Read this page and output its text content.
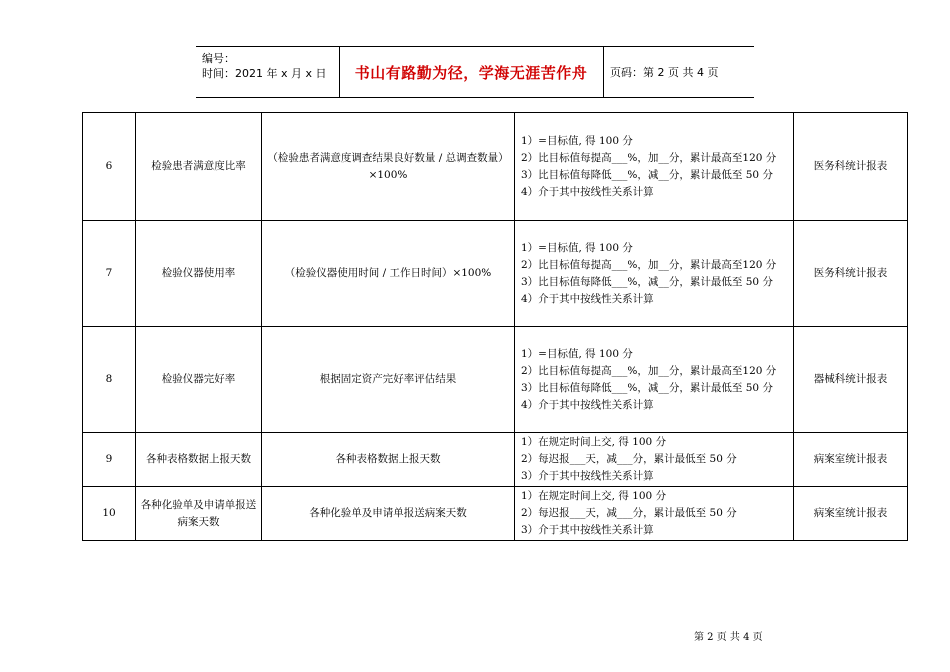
编号：
时间：2021 年 x 月 x 日	书山有路勤为径，学海无涯苦作舟	页码：第 2 页 共 4 页
6	检验患者满意度比率	（检验患者满意度调查结果良好数量 / 总调查数量）×100%	1）=目标值, 得 100 分
2）比目标值每提高___%，加__分，累计最高至120 分
3）比目标值每降低___%，减__分，累计最低至 50 分
4）介于其中按线性关系计算	医务科统计报表
7	检验仪器使用率	（检验仪器使用时间 / 工作日时间）×100%	1）=目标值, 得 100 分
2）比目标值每提高___%，加__分，累计最高至120 分
3）比目标值每降低___%，减__分，累计最低至 50 分
4）介于其中按线性关系计算	医务科统计报表
8	检验仪器完好率	根据固定资产完好率评估结果	1）=目标值, 得 100 分
2）比目标值每提高___%，加__分，累计最高至120 分
3）比目标值每降低___%，减__分，累计最低至 50 分
4）介于其中按线性关系计算	器械科统计报表
9	各种表格数据上报天数	各种表格数据上报天数	1）在规定时间上交, 得 100 分
2）每迟报___天，减___分，累计最低至 50 分
3）介于其中按线性关系计算	病案室统计报表
10	各种化验单及申请单报送病案天数	各种化验单及申请单报送病案天数	1）在规定时间上交, 得 100 分
2）每迟报___天，减___分，累计最低至 50 分
3）介于其中按线性关系计算	病案室统计报表
第 2 页 共 4 页
